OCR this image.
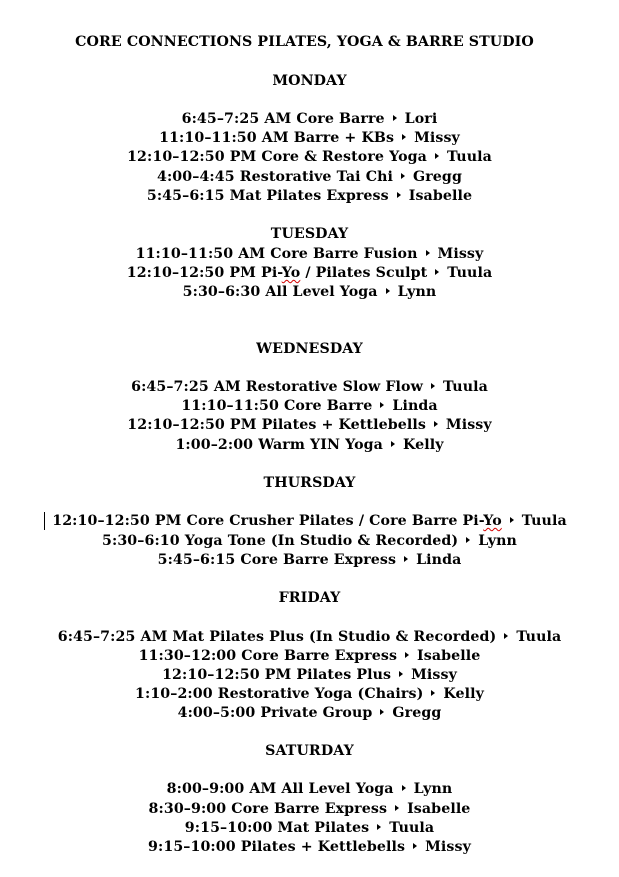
CORE CONNECTIONS PILATES, YOGA & BARRE STUDIO
MONDAY
6:45–7:25 AM Core Barre Lori
11:10–11:50 AM Barre + KBs Missy
12:10–12:50 PM Core & Restore Yoga Tuula
4:00–4:45 Restorative Tai Chi Gregg
5:45–6:15 Mat Pilates Express Isabelle
TUESDAY
11:10–11:50 AM Core Barre Fusion Missy
12:10–12:50 PM Pi-Yo / Pilates Sculpt Tuula
5:30–6:30 All Level Yoga Lynn
WEDNESDAY
6:45–7:25 AM Restorative Slow Flow Tuula
11:10–11:50 Core Barre Linda
12:10–12:50 PM Pilates + Kettlebells Missy
1:00–2:00 Warm YIN Yoga Kelly
THURSDAY
12:10–12:50 PM Core Crusher Pilates / Core Barre Pi-Yo Tuula
5:30–6:10 Yoga Tone (In Studio & Recorded) Lynn
5:45–6:15 Core Barre Express Linda
FRIDAY
6:45–7:25 AM Mat Pilates Plus (In Studio & Recorded) Tuula
11:30–12:00 Core Barre Express Isabelle
12:10–12:50 PM Pilates Plus Missy
1:10–2:00 Restorative Yoga (Chairs) Kelly
4:00–5:00 Private Group Gregg
SATURDAY
8:00–9:00 AM All Level Yoga Lynn
8:30–9:00 Core Barre Express Isabelle
9:15–10:00 Mat Pilates Tuula
9:15–10:00 Pilates + Kettlebells Missy
